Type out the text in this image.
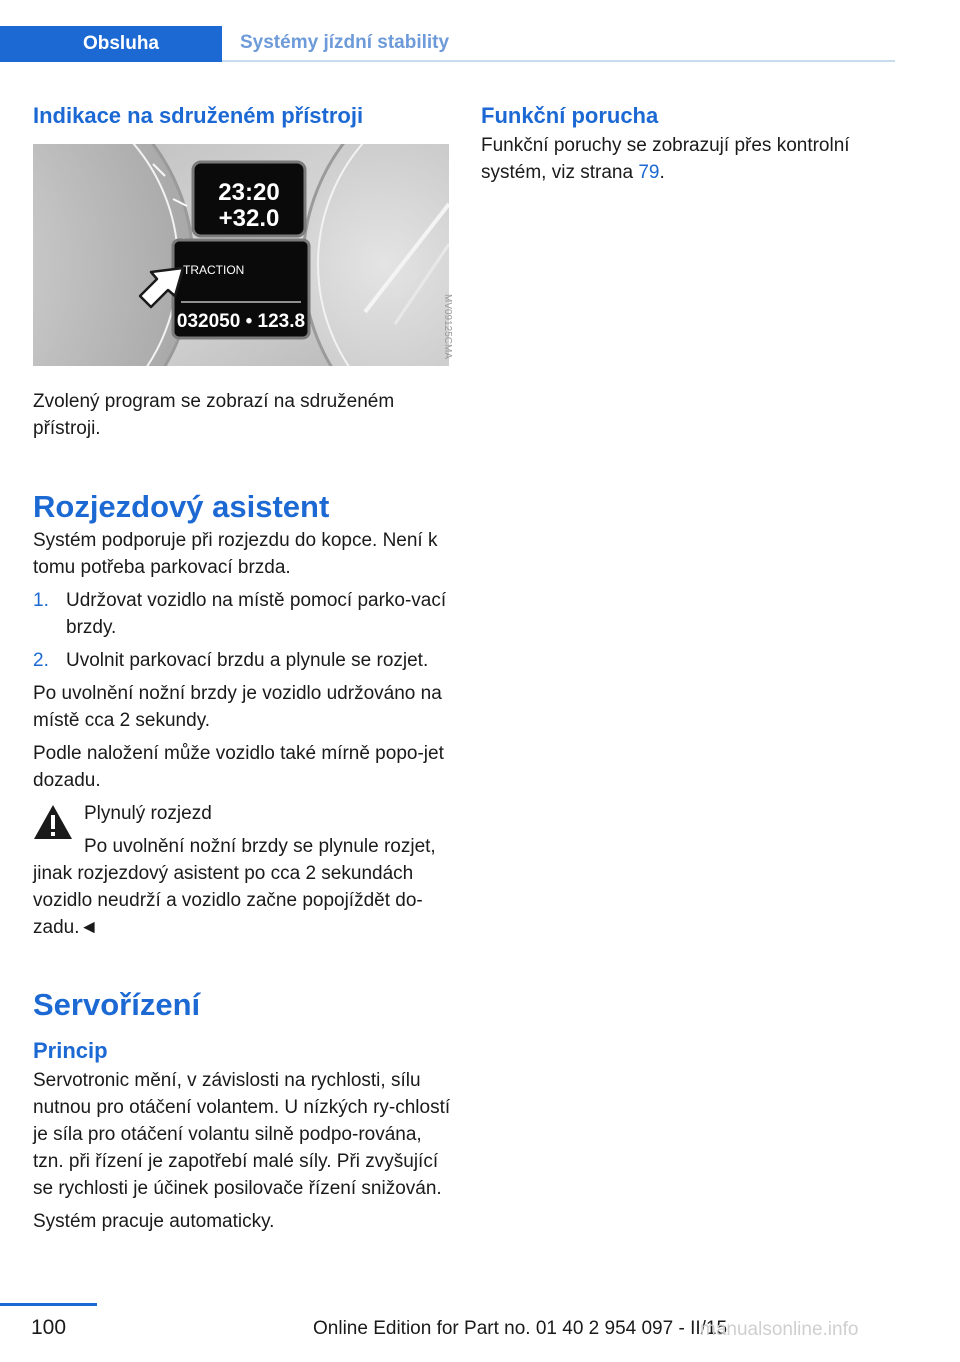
Obsluha	Systémy jízdní stability
Indikace na sdruženém přístroji
23:20
+32.0
TRACTION
032050 • 123.8	MV09125CMA

Zvolený program se zobrazí na sdruženém přístroji.

Rozjezdový asistent

Systém podporuje při rozjezdu do kopce. Není k tomu potřeba parkovací brzda.

1. Udržovat vozidlo na místě pomocí parko-vací brzdy.
2. Uvolnit parkovací brzdu a plynule se rozjet.

Po uvolnění nožní brzdy je vozidlo udržováno na místě cca 2 sekundy.

Podle naložení může vozidlo také mírně popo-jet dozadu.

Plynulý rozjezd

Po uvolnění nožní brzdy se plynule rozjet,

jinak rozjezdový asistent po cca 2 sekundách vozidlo neudrží a vozidlo začne popojíždět do-zadu.◄

Servořízení
Princip

Servotronic mění, v závislosti na rychlosti, sílu nutnou pro otáčení volantem. U nízkých ry-chlostí je síla pro otáčení volantu silně podpo-rována, tzn. při řízení je zapotřebí malé síly. Při zvyšující se rychlosti je účinek posilovače řízení snižován.

Systém pracuje automaticky.

Funkční porucha

Funkční poruchy se zobrazují přes kontrolní systém, viz strana 79.

100	Online Edition for Part no. 01 40 2 954 097 - II/15
manualsonline.info
